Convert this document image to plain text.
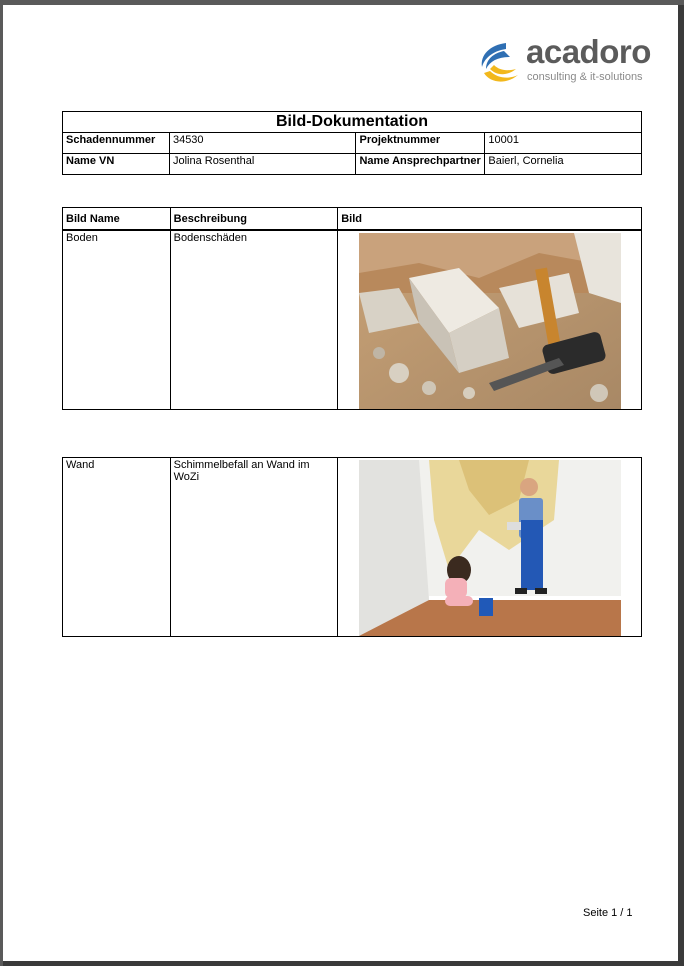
acadoro
consulting & it-solutions
Bild-Dokumentation			
Schadennummer	34530	Projektnummer	10001
Name VN	Jolina Rosenthal	Name Ansprechpartner	Baierl, Cornelia
Bild Name	Beschreibung	Bild
Boden	Bodenschäden	
Wand	Schimmelbefall an Wand im WoZi	
Seite 1 / 1
